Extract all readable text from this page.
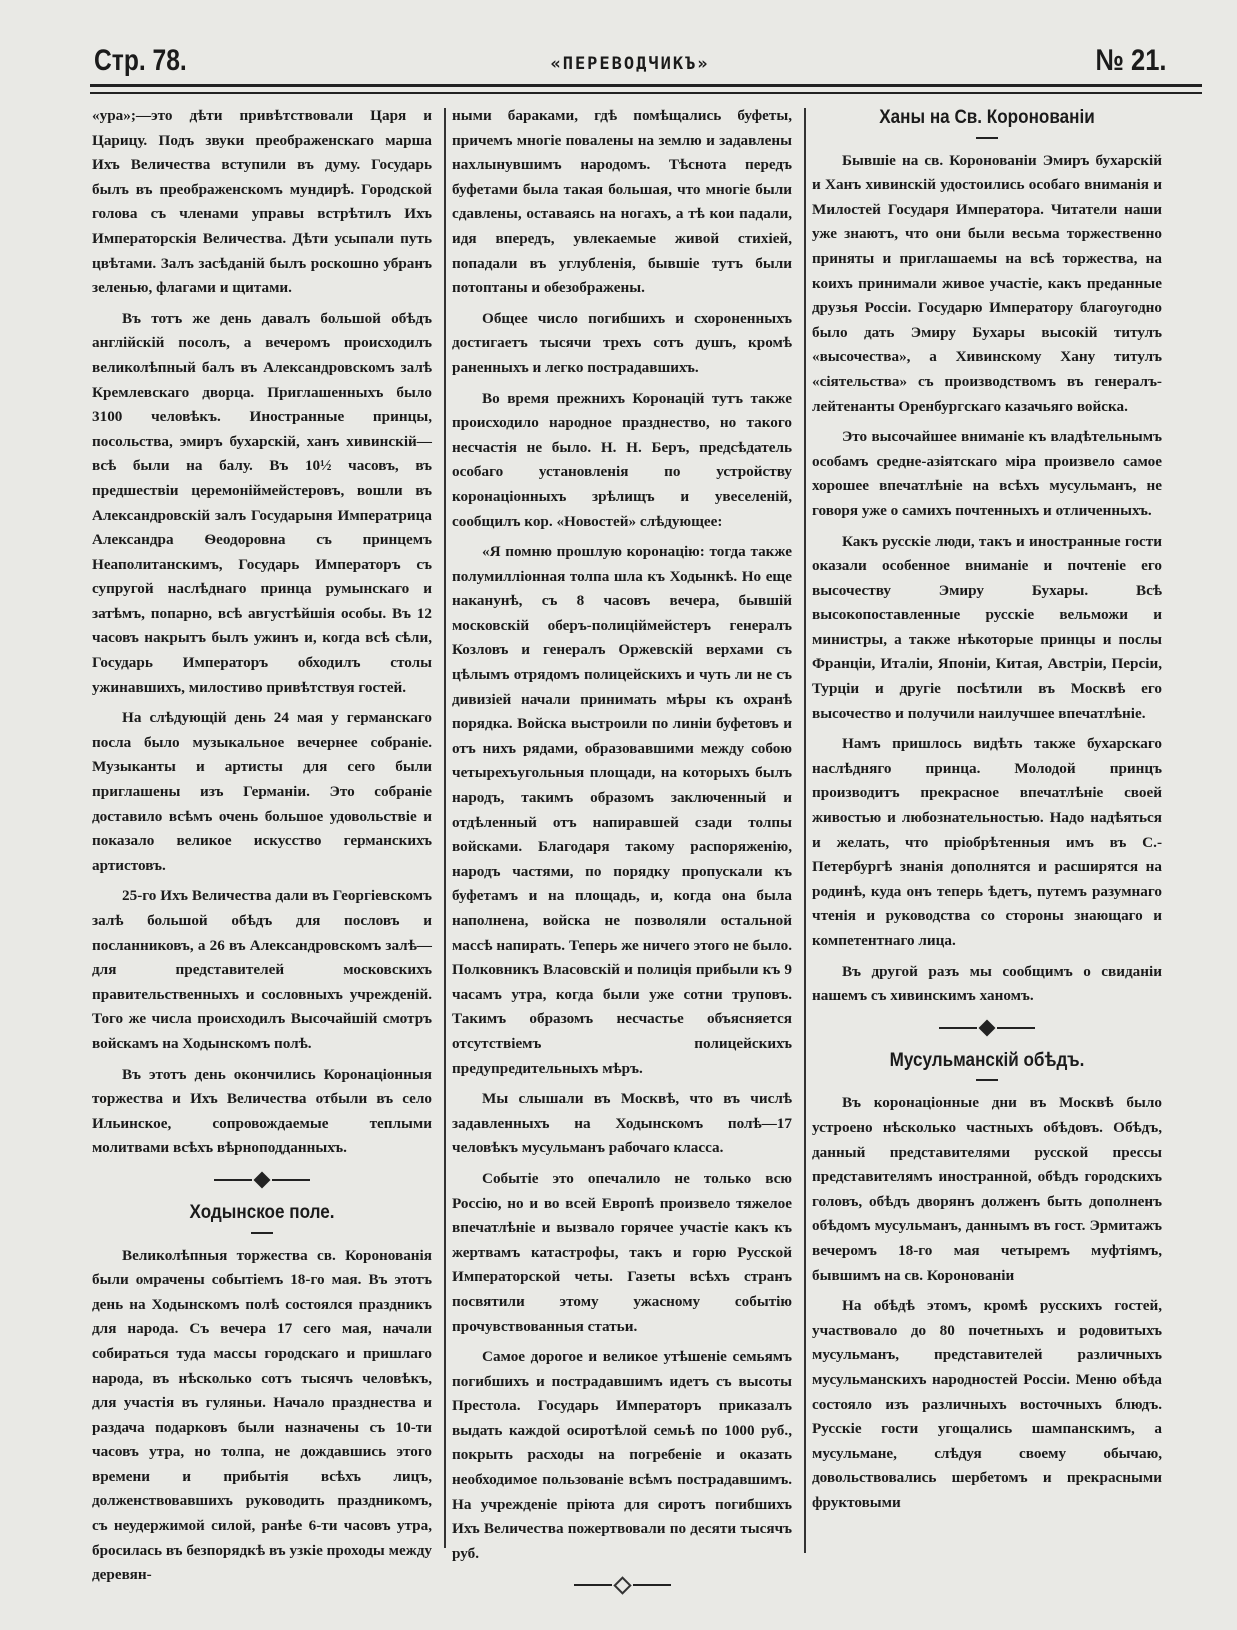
Стр. 78.	«ПЕРЕВОДЧИКЪ»	№ 21.

«ура»;—это дѣти привѣтствовали Царя и Царицу. Подъ звуки преображенскаго марша Ихъ Величества вступили въ думу. Государь былъ въ преображенскомъ мундирѣ. Городской голова съ членами управы встрѣтилъ Ихъ Императорскія Величества. Дѣти усыпали путь цвѣтами. Залъ засѣданій былъ роскошно убранъ зеленью, флагами и щитами.

Въ тотъ же день давалъ большой обѣдъ англійскій посолъ, а вечеромъ происходилъ великолѣпный балъ въ Александровскомъ залѣ Кремлевскаго дворца. Приглашенныхъ было 3100 человѣкъ. Иностранные принцы, посольства, эмиръ бухарскій, ханъ хивинскій—всѣ были на балу. Въ 10½ часовъ, въ предшествіи церемоніймейстеровъ, вошли въ Александровскій залъ Государыня Императрица Александра Ѳеодоровна съ принцемъ Неаполитанскимъ, Государь Императоръ съ супругой наслѣднаго принца румынскаго и затѣмъ, попарно, всѣ августѣйшія особы. Въ 12 часовъ накрытъ былъ ужинъ и, когда всѣ сѣли, Государь Императоръ обходилъ столы ужинавшихъ, милостиво привѣтствуя гостей.

На слѣдующій день 24 мая у германскаго посла было музыкальное вечернее собраніе. Музыканты и артисты для сего были приглашены изъ Германіи. Это собраніе доставило всѣмъ очень большое удовольствіе и показало великое искусство германскихъ артистовъ.

25-го Ихъ Величества дали въ Георгіевскомъ залѣ большой обѣдъ для пословъ и посланниковъ, а 26 въ Александровскомъ залѣ—для представителей московскихъ правительственныхъ и сословныхъ учрежденій. Того же числа происходилъ Высочайшій смотръ войскамъ на Ходынскомъ полѣ.

Въ этотъ день окончились Коронаціонныя торжества и Ихъ Величества отбыли въ село Ильинское, сопровождаемые теплыми молитвами всѣхъ вѣрноподданныхъ.

Ходынское поле.

Великолѣпныя торжества св. Коронованія были омрачены событіемъ 18-го мая. Въ этотъ день на Ходынскомъ полѣ состоялся праздникъ для народа. Съ вечера 17 сего мая, начали собираться туда массы городскаго и пришлаго народа, въ нѣсколько сотъ тысячъ человѣкъ, для участія въ гуляньи. Начало празднества и раздача подарковъ были назначены съ 10-ти часовъ утра, но толпа, не дождавшись этого времени и прибытія всѣхъ лицъ, долженствовавшихъ руководить праздникомъ, съ неудержимой силой, ранѣе 6-ти часовъ утра, бросилась въ безпорядкѣ въ узкіе проходы между деревян-

ными бараками, гдѣ помѣщались буфеты, причемъ многіе повалены на землю и задавлены нахлынувшимъ народомъ. Тѣснота передъ буфетами была такая большая, что многіе были сдавлены, оставаясь на ногахъ, а тѣ кои падали, идя впередъ, увлекаемые живой стихіей, попадали въ углубленія, бывшіе тутъ были потоптаны и обезображены.

Общее число погибшихъ и схороненныхъ достигаетъ тысячи трехъ сотъ душъ, кромѣ раненныхъ и легко пострадавшихъ.

Во время прежнихъ Коронацій тутъ также происходило народное празднество, но такого несчастія не было. Н. Н. Беръ, предсѣдатель особаго установленія по устройству коронаціонныхъ зрѣлищъ и увеселеній, сообщилъ кор. «Новостей» слѣдующее:

«Я помню прошлую коронацію: тогда также полумилліонная толпа шла къ Ходынкѣ. Но еще наканунѣ, съ 8 часовъ вечера, бывшій московскій оберъ-полиціймейстеръ генералъ Козловъ и генералъ Оржевскій верхами съ цѣлымъ отрядомъ полицейскихъ и чуть ли не съ дивизіей начали принимать мѣры къ охранѣ порядка. Войска выстроили по линіи буфетовъ и отъ нихъ рядами, образовавшими между собою четырехъугольныя площади, на которыхъ былъ народъ, такимъ образомъ заключенный и отдѣленный отъ напиравшей сзади толпы войсками. Благодаря такому распоряженію, народъ частями, по порядку пропускали къ буфетамъ и на площадь, и, когда она была наполнена, войска не позволяли остальной массѣ напирать. Теперь же ничего этого не было. Полковникъ Власовскій и полиція прибыли къ 9 часамъ утра, когда были уже сотни труповъ. Такимъ образомъ несчастье объясняется отсутствіемъ полицейскихъ предупредительныхъ мѣръ.

Мы слышали въ Москвѣ, что въ числѣ задавленныхъ на Ходынскомъ полѣ—17 человѣкъ мусульманъ рабочаго класса.

Событіе это опечалило не только всю Россію, но и во всей Европѣ произвело тяжелое впечатлѣніе и вызвало горячее участіе какъ къ жертвамъ катастрофы, такъ и горю Русской Императорской четы. Газеты всѣхъ странъ посвятили этому ужасному событію прочувствованныя статьи.

Самое дорогое и великое утѣшеніе семьямъ погибшихъ и пострадавшимъ идетъ съ высоты Престола. Государь Императоръ приказалъ выдать каждой осиротѣлой семьѣ по 1000 руб., покрыть расходы на погребеніе и оказать необходимое пользованіе всѣмъ пострадавшимъ. На учрежденіе пріюта для сиротъ погибшихъ Ихъ Величества пожертвовали по десяти тысячъ руб.

Ханы на Св. Коронованіи

Бывшіе на св. Коронованіи Эмиръ бухарскій и Ханъ хивинскій удостоились особаго вниманія и Милостей Государя Императора. Читатели наши уже знаютъ, что они были весьма торжественно приняты и приглашаемы на всѣ торжества, на коихъ принимали живое участіе, какъ преданные друзья Россіи. Государю Императору благоугодно было дать Эмиру Бухары высокій титулъ «высочества», а Хивинскому Хану титулъ «сіятельства» съ производствомъ въ генералъ-лейтенанты Оренбургскаго казачьяго войска.

Это высочайшее вниманіе къ владѣтельнымъ особамъ средне-азіятскаго міра произвело самое хорошее впечатлѣніе на всѣхъ мусульманъ, не говоря уже о самихъ почтенныхъ и отличенныхъ.

Какъ русскіе люди, такъ и иностранные гости оказали особенное вниманіе и почтеніе его высочеству Эмиру Бухары. Всѣ высокопоставленные русскіе вельможи и министры, а также нѣкоторые принцы и послы Франціи, Италіи, Японіи, Китая, Австріи, Персіи, Турціи и другіе посѣтили въ Москвѣ его высочество и получили наилучшее впечатлѣніе.

Намъ пришлось видѣть также бухарскаго наслѣдняго принца. Молодой принцъ производитъ прекрасное впечатлѣніе своей живостью и любознательностью. Надо надѣяться и желать, что пріобрѣтенныя имъ въ С.-Петербургѣ знанія дополнятся и расширятся на родинѣ, куда онъ теперь ѣдетъ, путемъ разумнаго чтенія и руководства со стороны знающаго и компетентнаго лица.

Въ другой разъ мы сообщимъ о свиданіи нашемъ съ хивинскимъ ханомъ.

Мусульманскій обѣдъ.

Въ коронаціонные дни въ Москвѣ было устроено нѣсколько частныхъ обѣдовъ. Обѣдъ, данный представителями русской прессы представителямъ иностранной, обѣдъ городскихъ головъ, обѣдъ дворянъ долженъ быть дополненъ обѣдомъ мусульманъ, даннымъ въ гост. Эрмитажъ вечеромъ 18-го мая четыремъ муфтіямъ, бывшимъ на св. Коронованіи

На обѣдѣ этомъ, кромѣ русскихъ гостей, участвовало до 80 почетныхъ и родовитыхъ мусульманъ, представителей различныхъ мусульманскихъ народностей Россіи. Меню обѣда состояло изъ различныхъ восточныхъ блюдъ. Русскіе гости угощались шампанскимъ, а мусульмане, слѣдуя своему обычаю, довольствовались шербетомъ и прекрасными фруктовыми
